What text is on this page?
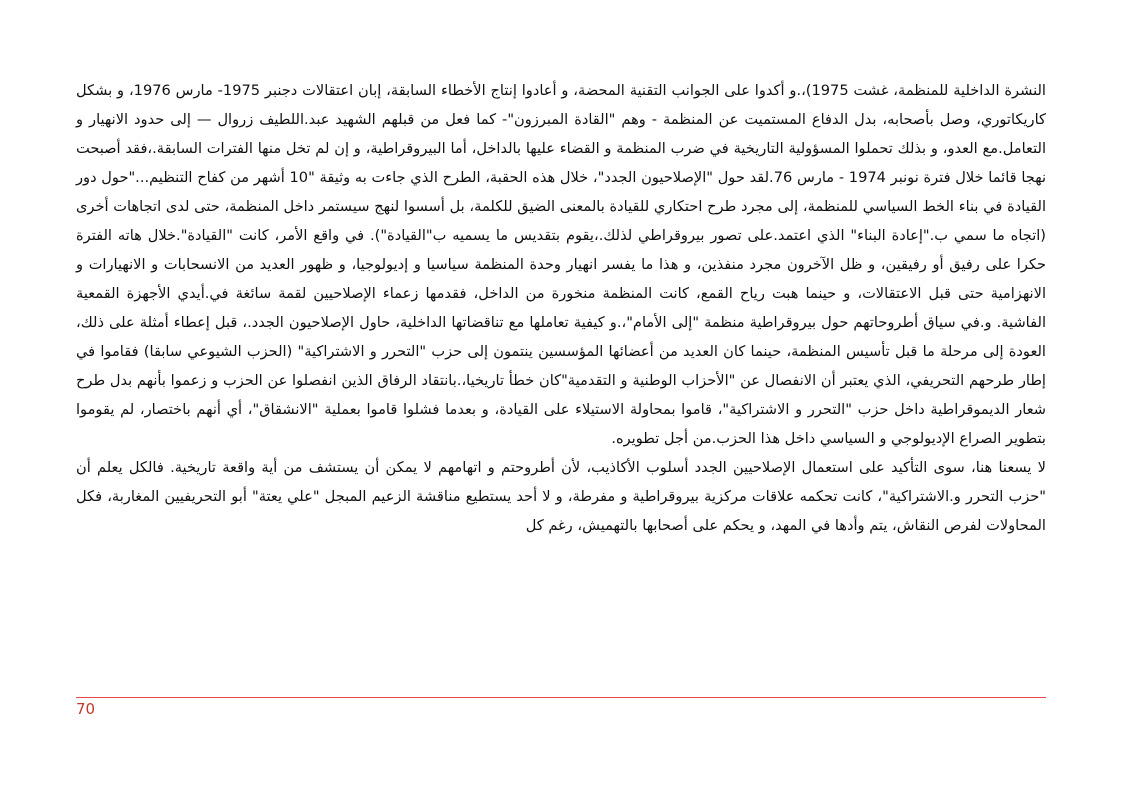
النشرة الداخلية للمنظمة، غشت 1975)،.و أكدوا على الجوانب التقنية المحضة، و أعادوا إنتاج الأخطاء السابقة، إبان اعتقالات دجنبر 1975- مارس 1976، و بشكل كاريكاتوري، وصل بأصحابه، بدل الدفاع المستميت عن المنظمة - وهم "القادة المبرزون"- كما فعل من قبلهم الشهيد عبد.اللطيف زروال — إلى حدود الانهيار و التعامل.مع العدو، و بذلك تحملوا المسؤولية التاريخية في ضرب المنظمة و القضاء عليها بالداخل، أما البيروقراطية، و إن لم تخل منها الفترات السابقة.،فقد أصبحت نهجا قائما خلال فترة نونبر 1974 - مارس 76.لقد حول "الإصلاحيون الجدد"، خلال هذه الحقبة، الطرح الذي جاءت به وثيقة "10 أشهر من كفاح التنظيم..."حول دور القيادة في بناء الخط السياسي للمنظمة، إلى مجرد طرح احتكاري للقيادة بالمعنى الضيق للكلمة، بل أسسوا لنهج سيستمر داخل المنظمة، حتى لدى اتجاهات أخرى (اتجاه ما سمي ب."إعادة البناء" الذي اعتمد.على تصور بيروقراطي لذلك.،يقوم بتقديس ما يسميه ب"القيادة"). في واقع الأمر، كانت "القيادة".خلال هاته الفترة حكرا على رفيق أو رفيقين، و ظل الآخرون مجرد منفذين، و هذا ما يفسر انهيار وحدة المنظمة سياسيا و إديولوجيا، و ظهور العديد من الانسحابات و الانهيارات و الانهزامية حتى قبل الاعتقالات، و حينما هبت رياح القمع، كانت المنظمة منخورة من الداخل، فقدمها زعماء الإصلاحيين لقمة سائغة في.أيدي الأجهزة القمعية الفاشية. و.في سياق أطروحاتهم حول بيروقراطية منظمة "إلى الأمام"،.و كيفية تعاملها مع تناقضاتها الداخلية، حاول الإصلاحيون الجدد.، قبل إعطاء أمثلة على ذلك، العودة إلى مرحلة ما قبل تأسيس المنظمة، حينما كان العديد من أعضائها المؤسسين ينتمون إلى حزب "التحرر و الاشتراكية" (الحزب الشيوعي سابقا) فقاموا في إطار طرحهم التحريفي، الذي يعتبر أن الانفصال عن "الأحزاب الوطنية و التقدمية"كان خطأ تاريخيا،.بانتقاد الرفاق الذين انفصلوا عن الحزب و زعموا بأنهم بدل طرح شعار الديموقراطية داخل حزب "التحرر و الاشتراكية"، قاموا بمحاولة الاستيلاء على القيادة، و بعدما فشلوا قاموا بعملية "الانشقاق"، أي أنهم باختصار، لم يقوموا بتطوير الصراع الإديولوجي و السياسي داخل هذا الحزب.من أجل تطويره.

لا يسعنا هنا، سوى التأكيد على استعمال الإصلاحيين الجدد أسلوب الأكاذيب، لأن أطروحتم و اتهامهم لا يمكن أن يستشف من أية واقعة تاريخية. فالكل يعلم أن "حزب التحرر و.الاشتراكية"، كانت تحكمه علاقات مركزية بيروقراطية و مفرطة، و لا أحد يستطيع مناقشة الزعيم المبجل "علي يعتة" أبو التحريفيين المغاربة، فكل المحاولات لفرص النقاش، يتم وأدها في المهد، و يحكم على أصحابها بالتهميش، رغم كل

70
